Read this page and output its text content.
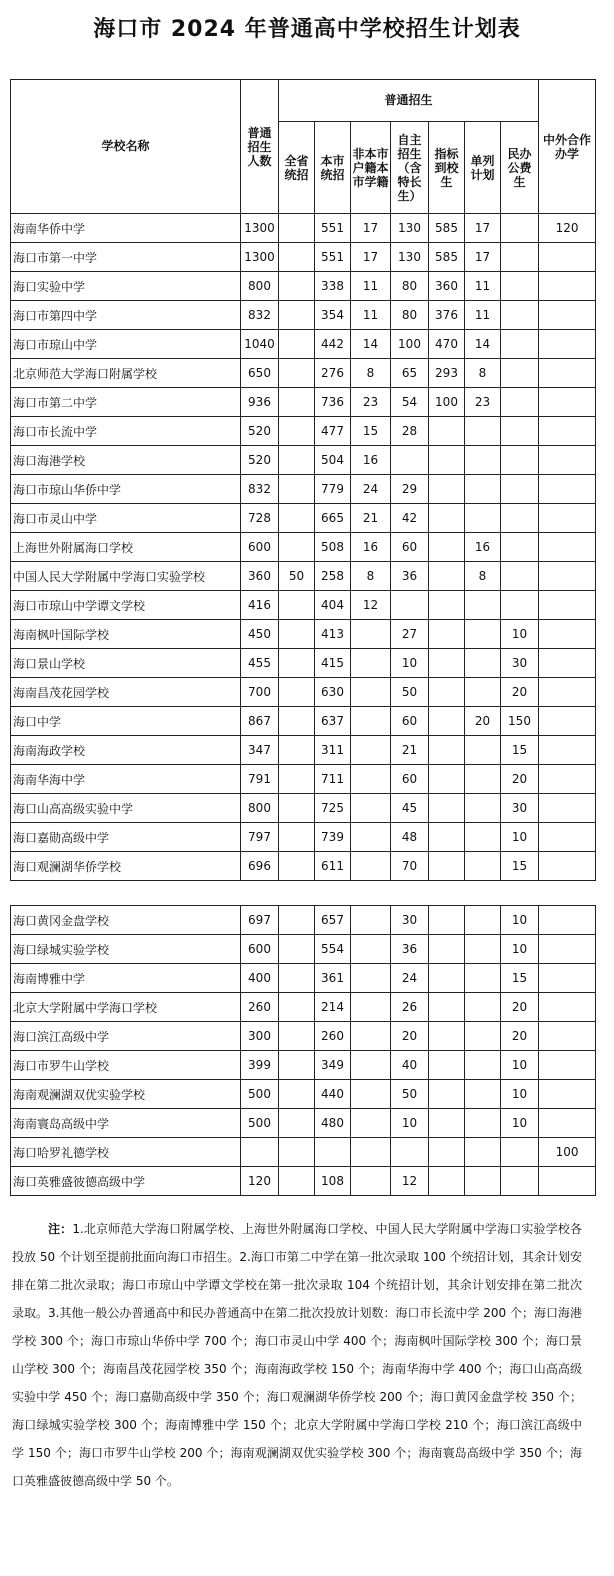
海口市 2024 年普通高中学校招生计划表
学校名称	普通招生人数	普通招生							中外合作办学
		全省统招	本市统招	非本市户籍本市学籍	自主招生（含特长生）	指标到校生	单列计划	民办公费生	
海南华侨中学	1300		551	17	130	585	17		120
海口市第一中学	1300		551	17	130	585	17		
海口实验中学	800		338	11	80	360	11		
海口市第四中学	832		354	11	80	376	11		
海口市琼山中学	1040		442	14	100	470	14		
北京师范大学海口附属学校	650		276	8	65	293	8		
海口市第二中学	936		736	23	54	100	23		
海口市长流中学	520		477	15	28				
海口海港学校	520		504	16					
海口市琼山华侨中学	832		779	24	29				
海口市灵山中学	728		665	21	42				
上海世外附属海口学校	600		508	16	60		16		
中国人民大学附属中学海口实验学校	360	50	258	8	36		8		
海口市琼山中学谭文学校	416		404	12					
海南枫叶国际学校	450		413		27			10	
海口景山学校	455		415		10			30	
海南昌茂花园学校	700		630		50			20	
海口中学	867		637		60		20	150	
海南海政学校	347		311		21			15	
海南华海中学	791		711		60			20	
海口山高高级实验中学	800		725		45			30	
海口嘉勋高级中学	797		739		48			10	
海口观澜湖华侨学校	696		611		70			15	

海口黄冈金盘学校	697		657		30			10	
海口绿城实验学校	600		554		36			10	
海南博雅中学	400		361		24			15	
北京大学附属中学海口学校	260		214		26			20	
海口滨江高级中学	300		260		20			20	
海口市罗牛山学校	399		349		40			10	
海南观澜湖双优实验学校	500		440		50			10	
海南寰岛高级中学	500		480		10			10	
海口哈罗礼德学校									100
海口英雅盛彼德高级中学	120		108		12				
注：1.北京师范大学海口附属学校、上海世外附属海口学校、中国人民大学附属中学海口实验学校各投放 50 个计划至提前批面向海口市招生。2.海口市第二中学在第一批次录取 100 个统招计划，其余计划安排在第二批次录取；海口市琼山中学谭文学校在第一批次录取 104 个统招计划，其余计划安排在第二批次录取。3.其他一般公办普通高中和民办普通高中在第二批次投放计划数：海口市长流中学 200 个；海口海港学校 300 个；海口市琼山华侨中学 700 个；海口市灵山中学 400 个；海南枫叶国际学校 300 个；海口景山学校 300 个；海南昌茂花园学校 350 个；海南海政学校 150 个；海南华海中学 400 个；海口山高高级实验中学 450 个；海口嘉勋高级中学 350 个；海口观澜湖华侨学校 200 个；海口黄冈金盘学校 350 个；海口绿城实验学校 300 个；海南博雅中学 150 个；北京大学附属中学海口学校 210 个；海口滨江高级中学 150 个；海口市罗牛山学校 200 个；海南观澜湖双优实验学校 300 个；海南寰岛高级中学 350 个；海口英雅盛彼德高级中学 50 个。
